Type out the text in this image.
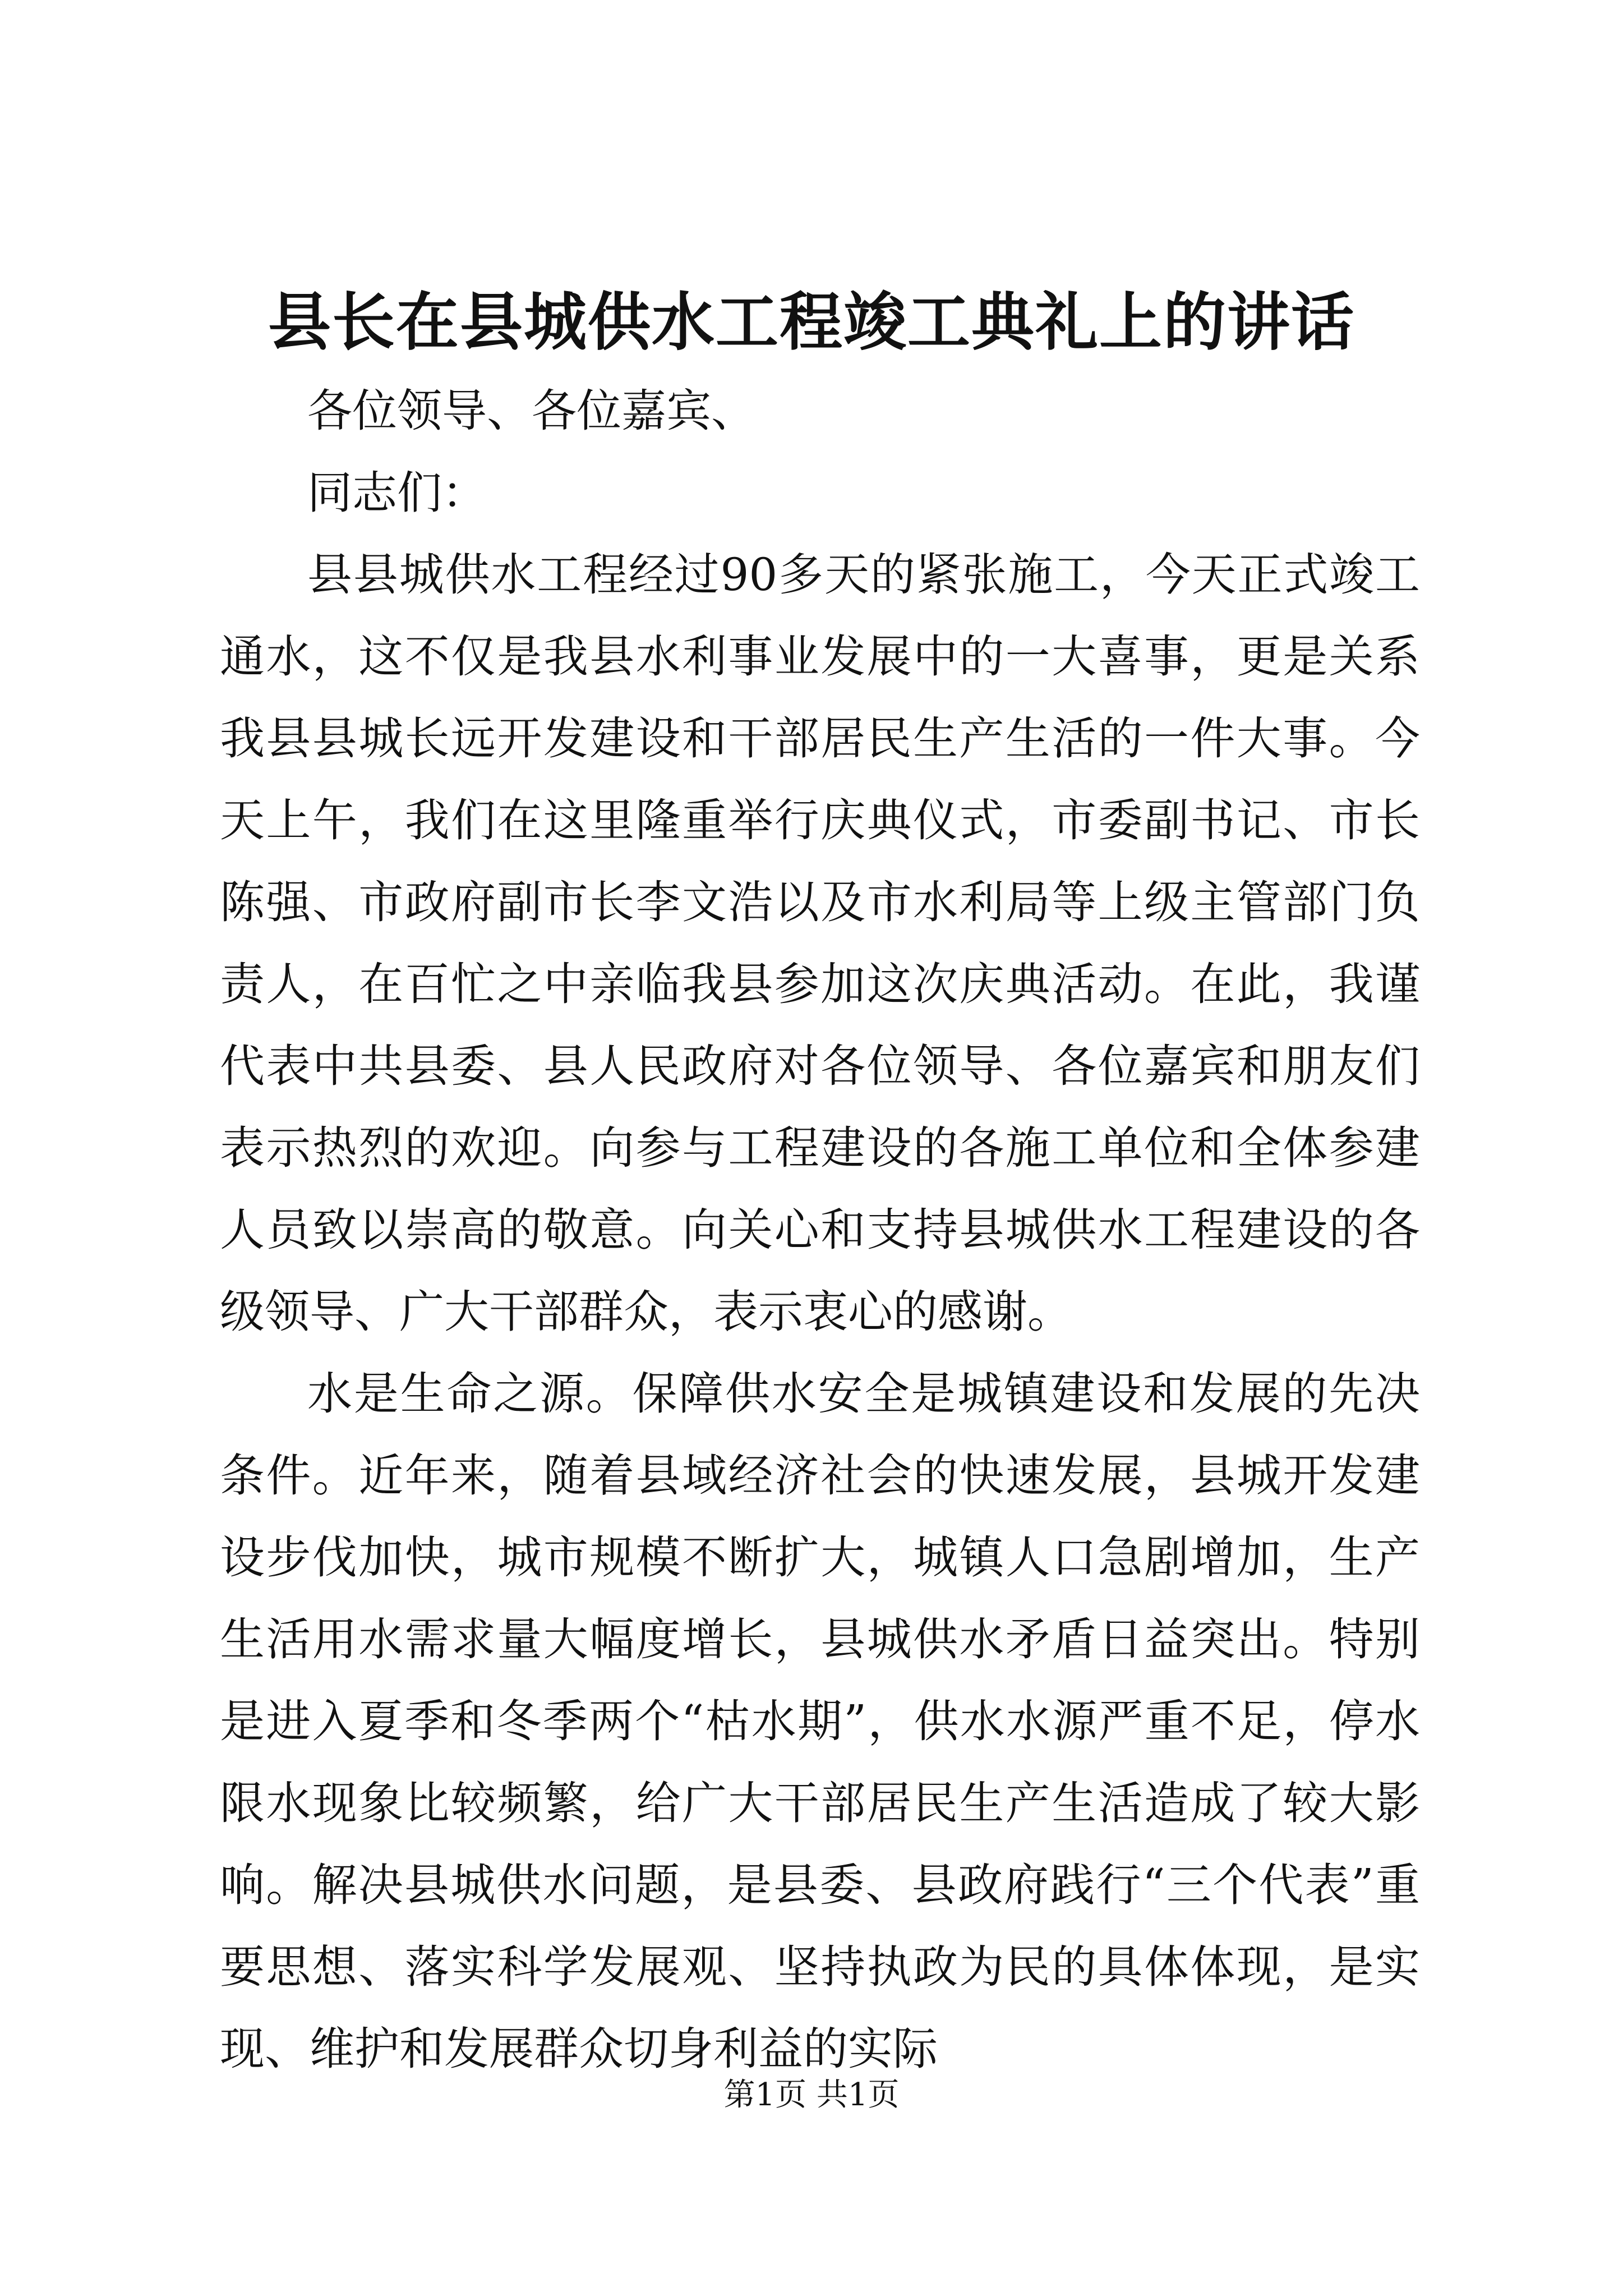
县长在县城供水工程竣工典礼上的讲话

各位领导、各位嘉宾、

同志们：

县县城供水工程经过90多天的紧张施工，今天正式竣工通水，这不仅是我县水利事业发展中的一大喜事，更是关系我县县城长远开发建设和干部居民生产生活的一件大事。今天上午，我们在这里隆重举行庆典仪式，市委副书记、市长陈强、市政府副市长李文浩以及市水利局等上级主管部门负责人，在百忙之中亲临我县参加这次庆典活动。在此，我谨代表中共县委、县人民政府对各位领导、各位嘉宾和朋友们表示热烈的欢迎。向参与工程建设的各施工单位和全体参建人员致以崇高的敬意。向关心和支持县城供水工程建设的各级领导、广大干部群众，表示衷心的感谢。

水是生命之源。保障供水安全是城镇建设和发展的先决条件。近年来，随着县域经济社会的快速发展，县城开发建设步伐加快，城市规模不断扩大，城镇人口急剧增加，生产生活用水需求量大幅度增长，县城供水矛盾日益突出。特别是进入夏季和冬季两个“枯水期”，供水水源严重不足，停水限水现象比较频繁，给广大干部居民生产生活造成了较大影响。解决县城供水问题，是县委、县政府践行“三个代表”重要思想、落实科学发展观、坚持执政为民的具体体现，是实现、维护和发展群众切身利益的实际

第1页 共1页
